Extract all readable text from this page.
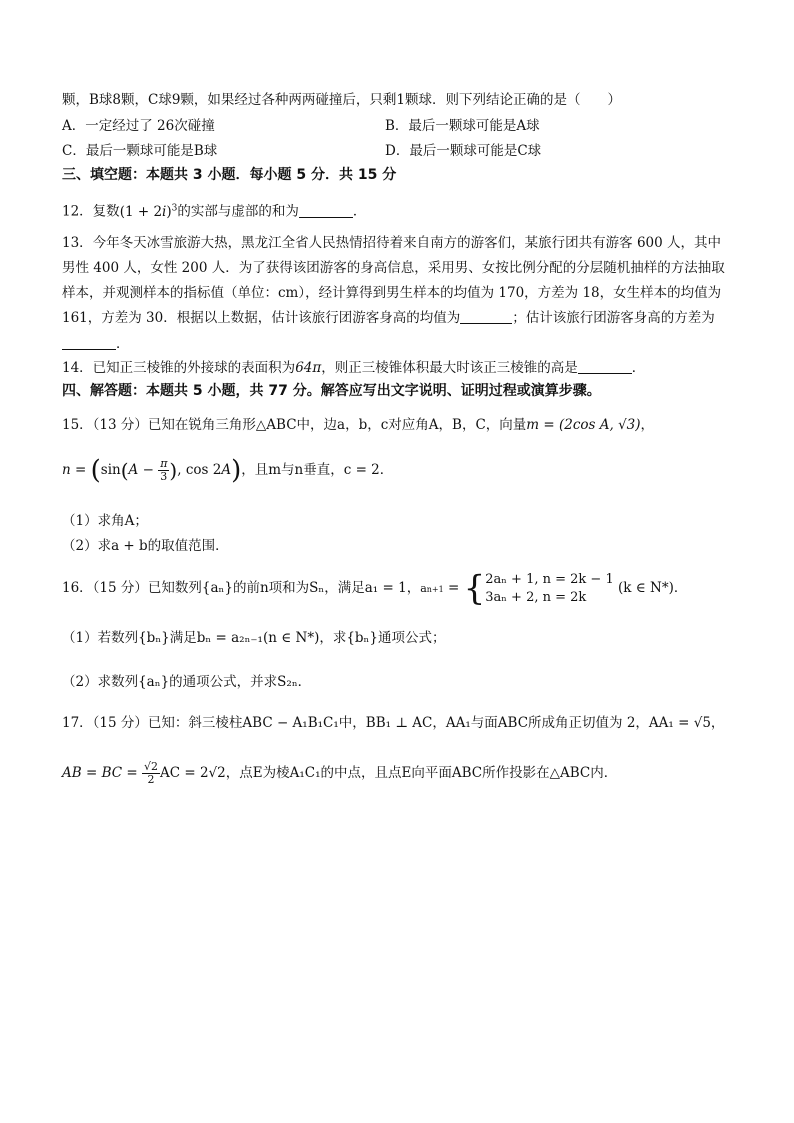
颗，B球8颗，C球9颗，如果经过各种两两碰撞后，只剩1颗球．则下列结论正确的是（　　）
A．一定经过了 26次碰撞	B．最后一颗球可能是A球
C．最后一颗球可能是B球	D．最后一颗球可能是C球
三、填空题：本题共 3 小题．每小题 5 分．共 15 分
12．复数$(1 + 2i)^3$的实部与虚部的和为	．
13．今年冬天冰雪旅游大热，黑龙江全省人民热情招待着来自南方的游客们，某旅行团共有游客 600 人，其中
男性 400 人，女性 200 人．为了获得该团游客的身高信息，采用男、女按比例分配的分层随机抽样的方法抽取
样本，并观测样本的指标值（单位：cm），经计算得到男生样本的均值为 170，方差为 18，女生样本的均值为
161，方差为 30．根据以上数据，估计该旅行团游客身高的均值为	；估计该旅行团游客身高的方差为
．
14．已知正三棱锥的外接球的表面积为64π，则正三棱锥体积最大时该正三棱锥的高是	．
四、解答题：本题共 5 小题，共 77 分。解答应写出文字说明、证明过程或演算步骤。
15．（13 分）已知在锐角三角形△ABC中，边a，b，c对应角A，B，C，向量m = (2cos A, √3)，
$n = (\sin(A - \frac{\pi}{3}$ ), cos 2A)，且m与n垂直，c = 2．
（1）求角A；
（2）求a + b的取值范围．
16．（15 分）已知数列{aₙ}的前n项和为Sₙ，满足a₁ = 1，an+1 = { 2aₙ + 1, n = 2k − 1
3aₙ + 2, n = 2k
(k ∈ N*)．
（1）若数列{bₙ}满足bₙ = a₂ₙ₋₁(n ∈ N*)，求{bₙ}通项公式；
（2）求数列{aₙ}的通项公式，并求S₂ₙ．
17．（15 分）已知：斜三棱柱ABC − A₁B₁C₁中，BB₁ ⊥ AC，AA₁与面ABC所成角正切值为 2，AA₁ = √5，
AB = BC = $\frac{√2}{2}$ AC = 2√2，点E为棱A₁C₁的中点，且点E向平面ABC所作投影在△ABC内．
